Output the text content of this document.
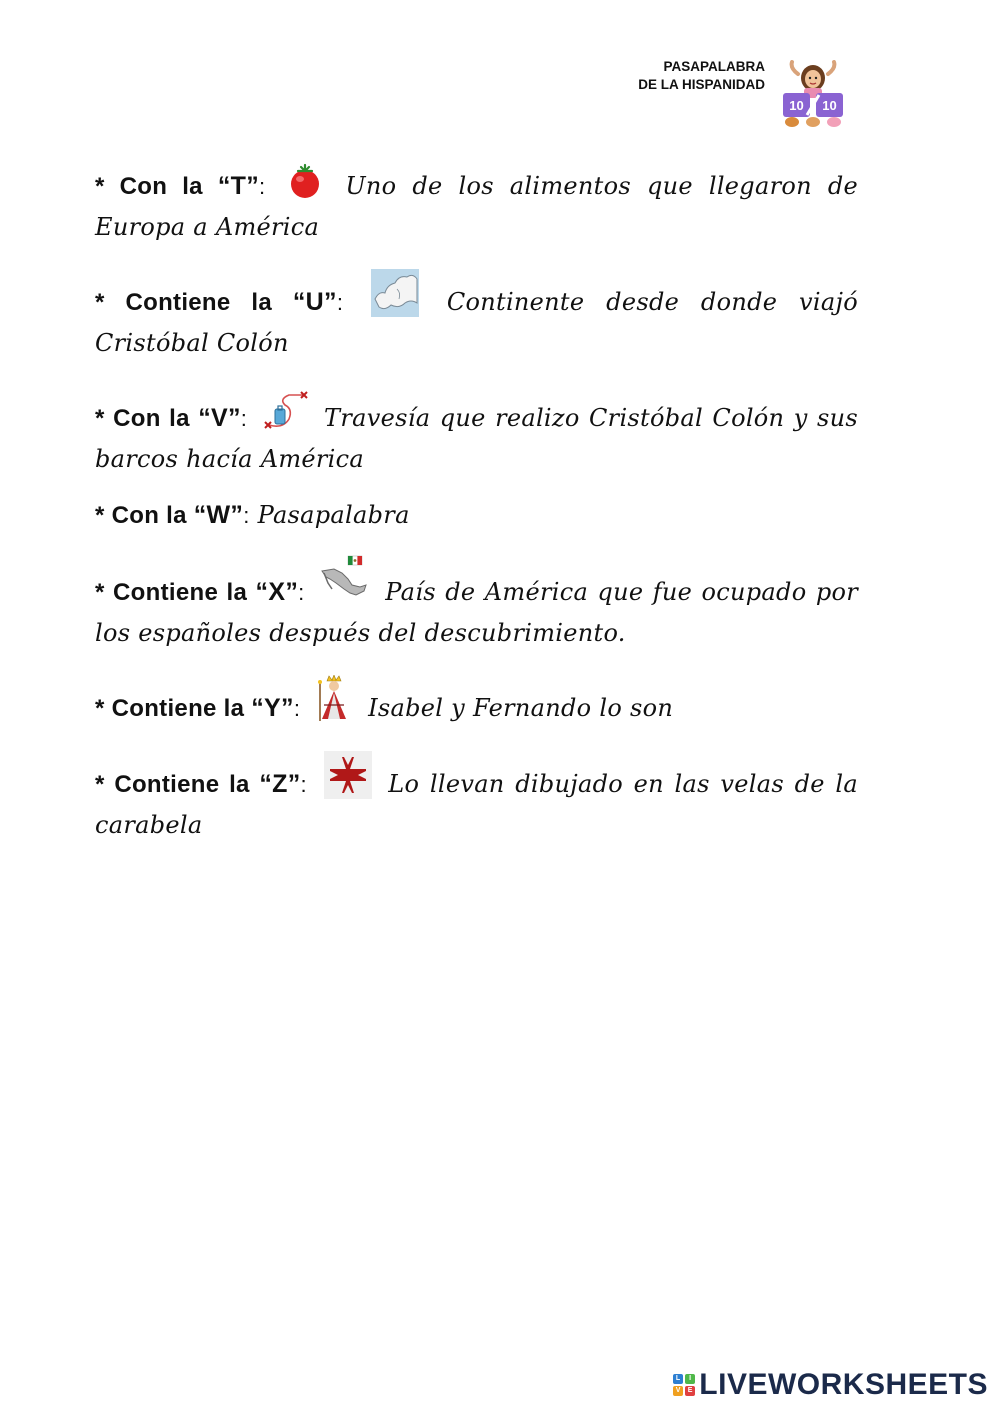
PASAPALABRA
DE LA HISPANIDAD
10 10
* Con la “T”:	Uno de los alimentos que llegaron de Europa a América
* Contiene la “U”:	Continente desde donde viajó Cristóbal Colón
* Con la “V”:	Travesía que realizo Cristóbal Colón y sus barcos hacía América
* Con la “W”: Pasapalabra
* Contiene la “X”:	País de América que fue ocupado por los españoles después del descubrimiento.
* Contiene la “Y”:  Isabel y Fernando lo son
* Contiene la “Z”:	Lo llevan dibujado en las velas de la carabela
L	I
V E LIVEWORKSHEETS
